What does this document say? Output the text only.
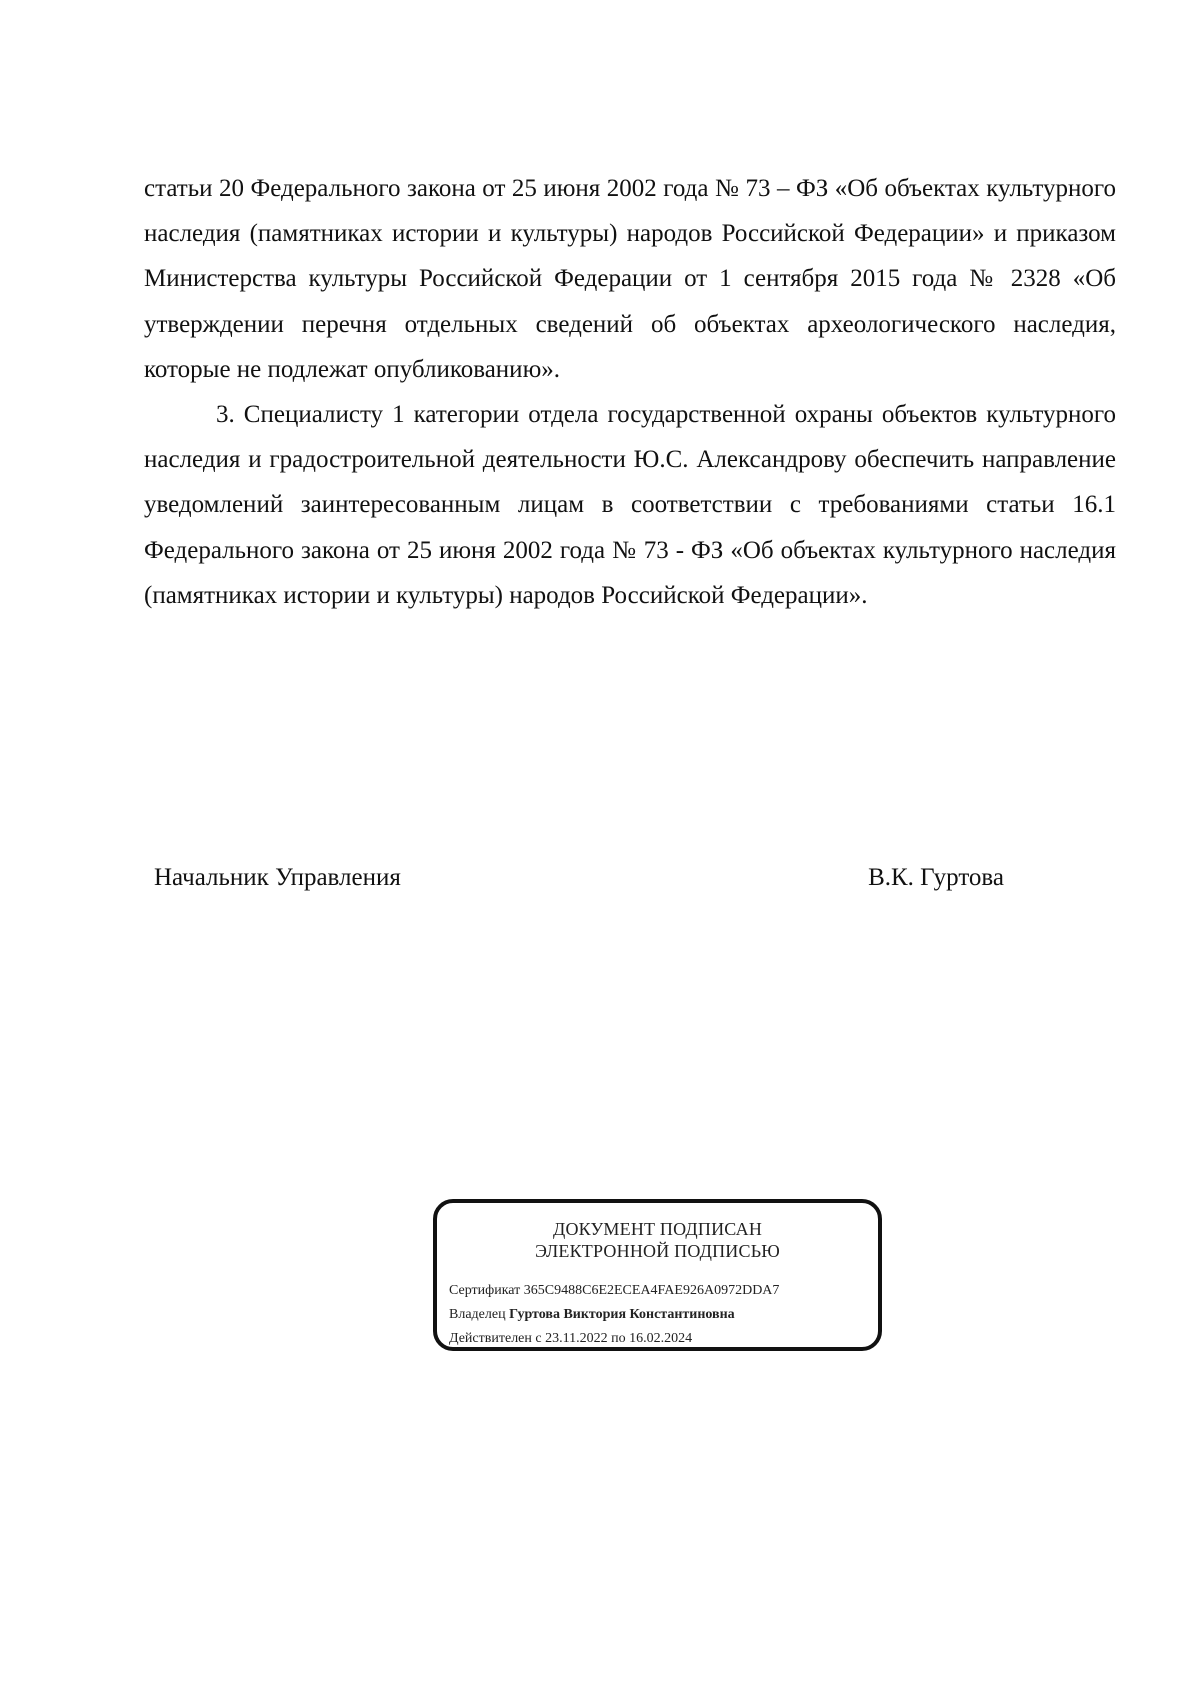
статьи 20 Федерального закона от 25 июня 2002 года № 73 – ФЗ «Об объектах культурного наследия (памятниках истории и культуры) народов Российской Федерации» и приказом Министерства культуры Российской Федерации от 1 сентября 2015 года № 2328 «Об утверждении перечня отдельных сведений об объектах археологического наследия, которые не подлежат опубликованию».

3. Специалисту 1 категории отдела государственной охраны объектов культурного наследия и градостроительной деятельности Ю.С. Александрову обеспечить направление уведомлений заинтересованным лицам в соответствии с требованиями статьи 16.1 Федерального закона от 25 июня 2002 года № 73 - ФЗ «Об объектах культурного наследия (памятниках истории и культуры) народов Российской Федерации».

Начальник Управления	В.К. Гуртова
ДОКУМЕНТ ПОДПИСАН
ЭЛЕКТРОННОЙ ПОДПИСЬЮ
Сертификат 365C9488C6E2ECEA4FAE926A0972DDA7
Владелец Гуртова Виктория Константиновна
Действителен с 23.11.2022 по 16.02.2024
